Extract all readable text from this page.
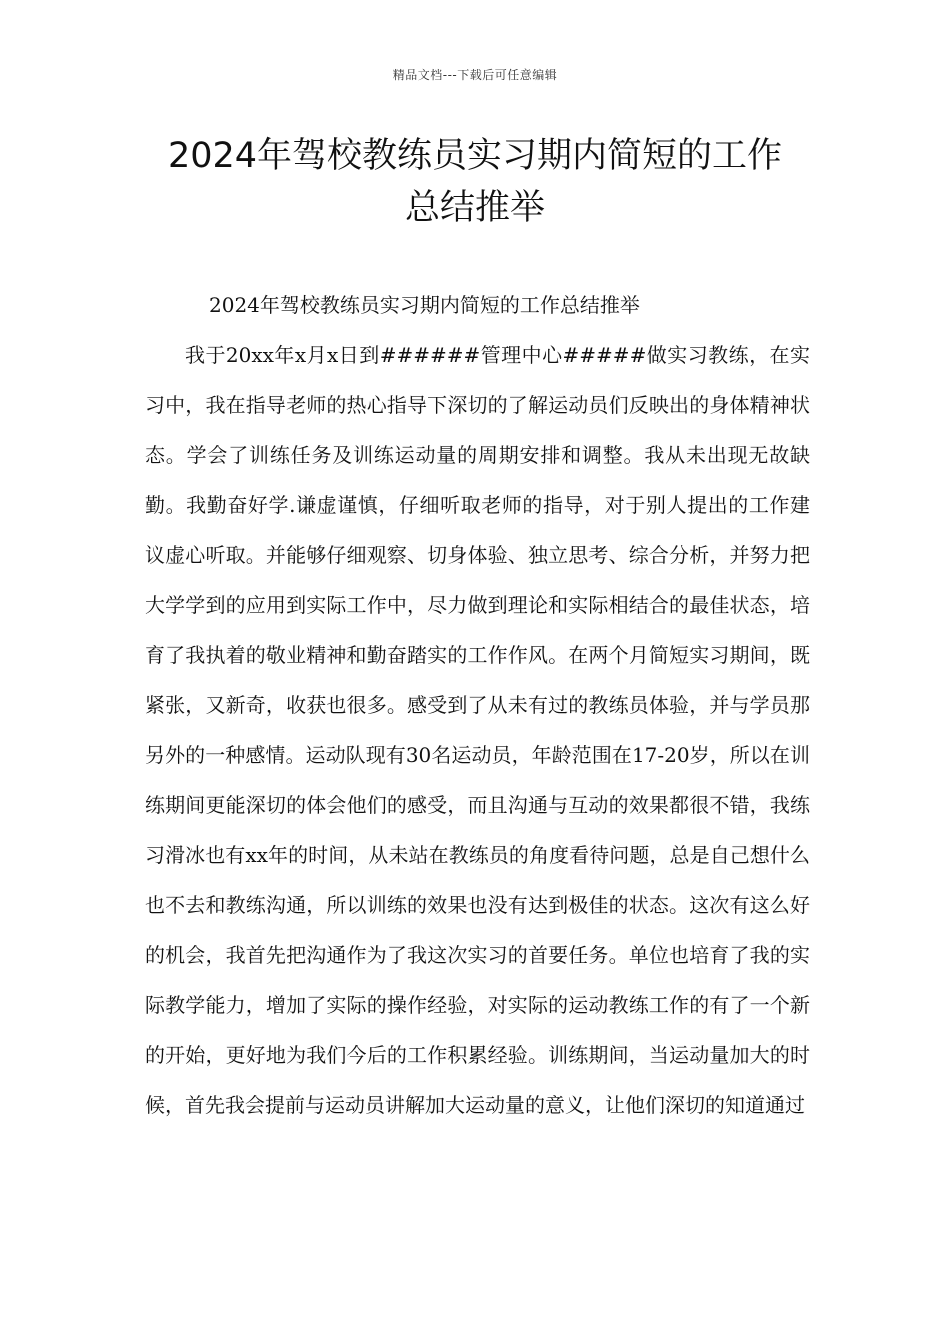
精品文档---下载后可任意编辑
2024年驾校教练员实习期内简短的工作
总结推举

2024年驾校教练员实习期内简短的工作总结推举

我于20xx年x月x日到######管理中心#####做实习教练，在实习中，我在指导老师的热心指导下深切的了解运动员们反映出的身体精神状态。学会了训练任务及训练运动量的周期安排和调整。我从未出现无故缺勤。我勤奋好学.谦虚谨慎，仔细听取老师的指导，对于别人提出的工作建议虚心听取。并能够仔细观察、切身体验、独立思考、综合分析，并努力把大学学到的应用到实际工作中，尽力做到理论和实际相结合的最佳状态，培育了我执着的敬业精神和勤奋踏实的工作作风。在两个月简短实习期间，既紧张，又新奇，收获也很多。感受到了从未有过的教练员体验，并与学员那另外的一种感情。运动队现有30名运动员，年龄范围在17-20岁，所以在训练期间更能深切的体会他们的感受，而且沟通与互动的效果都很不错，我练习滑冰也有xx年的时间，从未站在教练员的角度看待问题，总是自己想什么也不去和教练沟通，所以训练的效果也没有达到极佳的状态。这次有这么好的机会，我首先把沟通作为了我这次实习的首要任务。单位也培育了我的实际教学能力，增加了实际的操作经验，对实际的运动教练工作的有了一个新的开始，更好地为我们今后的工作积累经验。训练期间，当运动量加大的时候，首先我会提前与运动员讲解加大运动量的意义，让他们深切的知道通过
